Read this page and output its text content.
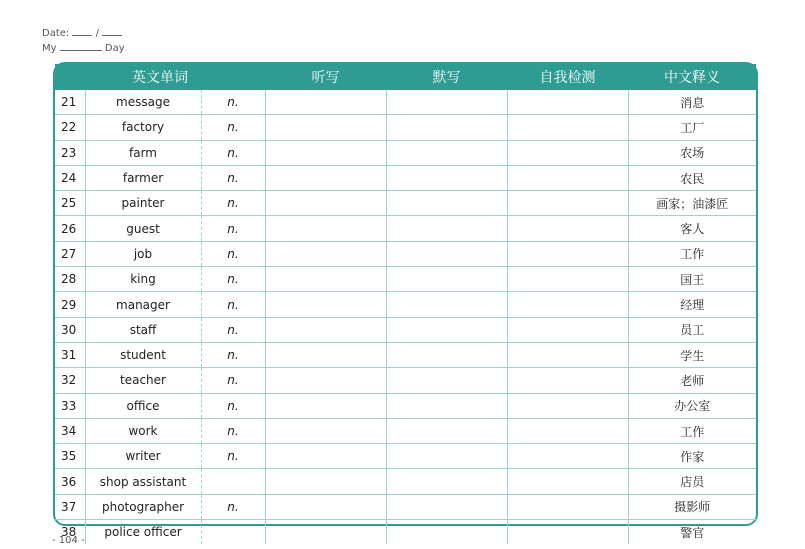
Date:	/
My	Day
英文单词			听写	默写	自我检测	中文释义
21	message	n.				消息
22	factory	n.				工厂
23	farm	n.				农场
24	farmer	n.				农民
25	painter	n.				画家；油漆匠
26	guest	n.				客人
27	job	n.				工作
28	king	n.				国王
29	manager	n.				经理
30	staff	n.				员工
31	student	n.				学生
32	teacher	n.				老师
33	office	n.				办公室
34	work	n.				工作
35	writer	n.				作家
36	shop assistant					店员
37	photographer	n.				摄影师
38	police officer					警官
- 104 -
